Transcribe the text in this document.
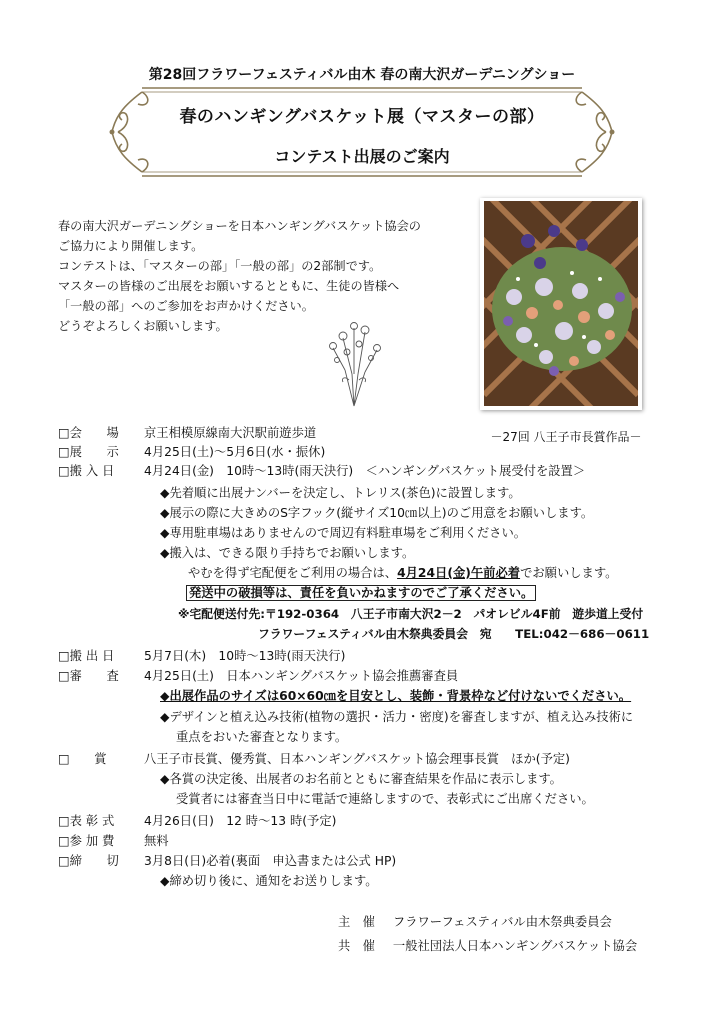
第28回フラワーフェスティバル由木 春の南大沢ガーデニングショー
春のハンギングバスケット展（マスターの部）
コンテスト出展のご案内
春の南大沢ガーデニングショーを日本ハンギングバスケット協会の
ご協力により開催します。
コンテストは、「マスターの部」「一般の部」の2部制です。
マスターの皆様のご出展をお願いするとともに、生徒の皆様へ
「一般の部」へのご参加をお声かけください。
どうぞよろしくお願いします。
－27回 八王子市長賞作品－
□会　　場 京王相模原線南大沢駅前遊歩道
□展　　示 4月25日(土)～5月6日(水・振休)
□搬 入 日 4月24日(金)　10時～13時(雨天決行)　＜ハンギングバスケット展受付を設置＞
◆先着順に出展ナンバーを決定し、トレリス(茶色)に設置します。
◆展示の際に大きめのS字フック(縦サイズ10㎝以上)のご用意をお願いします。
◆専用駐車場はありませんので周辺有料駐車場をご利用ください。
◆搬入は、できる限り手持ちでお願いします。
やむを得ず宅配便をご利用の場合は、4月24日(金)午前必着でお願いします。
発送中の破損等は、責任を負いかねますのでご了承ください。
※宅配便送付先:〒192-0364　八王子市南大沢2－2　パオレビル4F前　遊歩道上受付
フラワーフェスティバル由木祭典委員会　宛　　TEL:042－686－0611
□搬 出 日 5月7日(木)　10時～13時(雨天決行)
□審　　査 4月25日(土)　日本ハンギングバスケット協会推薦審査員
◆出展作品のサイズは60×60㎝を目安とし、装飾・背景枠など付けないでください。
◆デザインと植え込み技術(植物の選択・活力・密度)を審査しますが、植え込み技術に
重点をおいた審査となります。
□　　賞	八王子市長賞、優秀賞、日本ハンギングバスケット協会理事長賞　ほか(予定)
◆各賞の決定後、出展者のお名前とともに審査結果を作品に表示します。
受賞者には審査当日中に電話で連絡しますので、表彰式にご出席ください。
□表 彰 式 4月26日(日)　12 時～13 時(予定)
□参 加 費 無料
□締　　切 3月8日(日)必着(裏面　申込書または公式 HP)
◆締め切り後に、通知をお送りします。
主　催 フラワーフェスティバル由木祭典委員会
共　催 一般社団法人日本ハンギングバスケット協会
